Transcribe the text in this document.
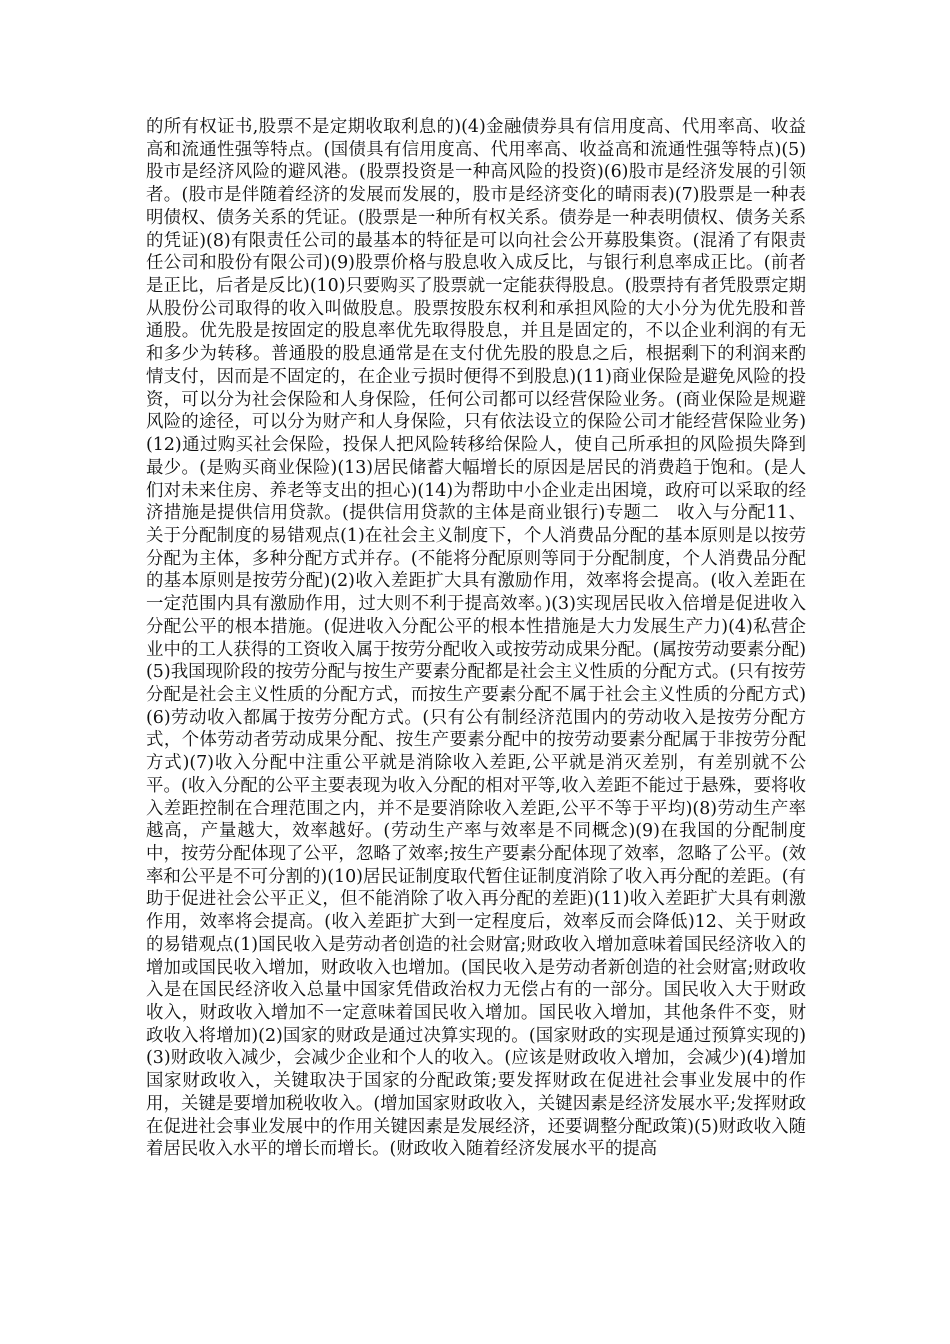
的所有权证书,股票不是定期收取利息的)(4)金融债券具有信用度高、代用率高、收益高和流通性强等特点。(国债具有信用度高、代用率高、收益高和流通性强等特点)(5)股市是经济风险的避风港。(股票投资是一种高风险的投资)(6)股市是经济发展的引领者。(股市是伴随着经济的发展而发展的，股市是经济变化的晴雨表)(7)股票是一种表明债权、债务关系的凭证。(股票是一种所有权关系。债券是一种表明债权、债务关系的凭证)(8)有限责任公司的最基本的特征是可以向社会公开募股集资。(混淆了有限责任公司和股份有限公司)(9)股票价格与股息收入成反比，与银行利息率成正比。(前者是正比，后者是反比)(10)只要购买了股票就一定能获得股息。(股票持有者凭股票定期从股份公司取得的收入叫做股息。股票按股东权利和承担风险的大小分为优先股和普通股。优先股是按固定的股息率优先取得股息，并且是固定的，不以企业利润的有无和多少为转移。普通股的股息通常是在支付优先股的股息之后，根据剩下的利润来酌情支付，因而是不固定的，在企业亏损时便得不到股息)(11)商业保险是避免风险的投资，可以分为社会保险和人身保险，任何公司都可以经营保险业务。(商业保险是规避风险的途径，可以分为财产和人身保险，只有依法设立的保险公司才能经营保险业务)(12)通过购买社会保险，投保人把风险转移给保险人，使自己所承担的风险损失降到最少。(是购买商业保险)(13)居民储蓄大幅增长的原因是居民的消费趋于饱和。(是人们对未来住房、养老等支出的担心)(14)为帮助中小企业走出困境，政府可以采取的经济措施是提供信用贷款。(提供信用贷款的主体是商业银行)专题二　收入与分配11、关于分配制度的易错观点(1)在社会主义制度下，个人消费品分配的基本原则是以按劳分配为主体，多种分配方式并存。(不能将分配原则等同于分配制度，个人消费品分配的基本原则是按劳分配)(2)收入差距扩大具有激励作用，效率将会提高。(收入差距在一定范围内具有激励作用，过大则不利于提高效率。)(3)实现居民收入倍增是促进收入分配公平的根本措施。(促进收入分配公平的根本性措施是大力发展生产力)(4)私营企业中的工人获得的工资收入属于按劳分配收入或按劳动成果分配。(属按劳动要素分配)(5)我国现阶段的按劳分配与按生产要素分配都是社会主义性质的分配方式。(只有按劳分配是社会主义性质的分配方式，而按生产要素分配不属于社会主义性质的分配方式)(6)劳动收入都属于按劳分配方式。(只有公有制经济范围内的劳动收入是按劳分配方式，个体劳动者劳动成果分配、按生产要素分配中的按劳动要素分配属于非按劳分配方式)(7)收入分配中注重公平就是消除收入差距,公平就是消灭差别，有差别就不公平。(收入分配的公平主要表现为收入分配的相对平等,收入差距不能过于悬殊，要将收入差距控制在合理范围之内，并不是要消除收入差距,公平不等于平均)(8)劳动生产率越高，产量越大，效率越好。(劳动生产率与效率是不同概念)(9)在我国的分配制度中，按劳分配体现了公平，忽略了效率;按生产要素分配体现了效率，忽略了公平。(效率和公平是不可分割的)(10)居民证制度取代暂住证制度消除了收入再分配的差距。(有助于促进社会公平正义，但不能消除了收入再分配的差距)(11)收入差距扩大具有刺激作用，效率将会提高。(收入差距扩大到一定程度后，效率反而会降低)12、关于财政的易错观点(1)国民收入是劳动者创造的社会财富;财政收入增加意味着国民经济收入的增加或国民收入增加，财政收入也增加。(国民收入是劳动者新创造的社会财富;财政收入是在国民经济收入总量中国家凭借政治权力无偿占有的一部分。国民收入大于财政收入，财政收入增加不一定意味着国民收入增加。国民收入增加，其他条件不变，财政收入将增加)(2)国家的财政是通过决算实现的。(国家财政的实现是通过预算实现的)(3)财政收入减少，会减少企业和个人的收入。(应该是财政收入增加，会减少)(4)增加国家财政收入，关键取决于国家的分配政策;要发挥财政在促进社会事业发展中的作用，关键是要增加税收收入。(增加国家财政收入，关键因素是经济发展水平;发挥财政在促进社会事业发展中的作用关键因素是发展经济，还要调整分配政策)(5)财政收入随着居民收入水平的增长而增长。(财政收入随着经济发展水平的提高
